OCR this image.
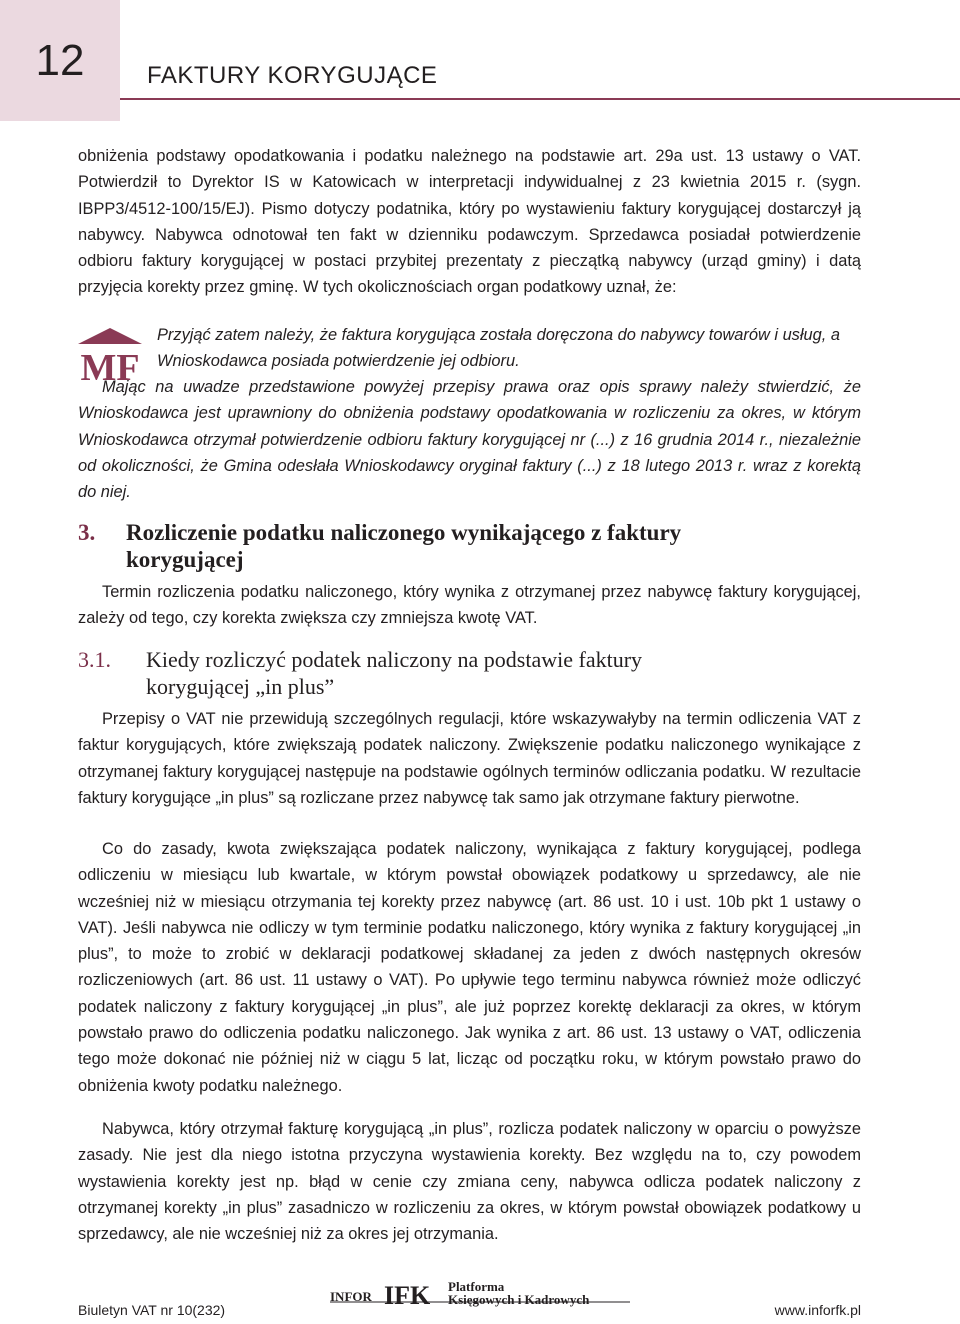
12	FAKTURY KORYGUJĄCE

obniżenia podstawy opodatkowania i podatku należnego na podstawie art. 29a ust. 13 ustawy o VAT. Potwierdził to Dyrektor IS w Katowicach w interpretacji indywidualnej z 23 kwietnia 2015 r. (sygn. IBPP3/4512-100/15/EJ). Pismo dotyczy podatnika, który po wystawieniu faktury korygującej dostarczył ją nabywcy. Nabywca odnotował ten fakt w dzienniku podawczym. Sprzedawca posiadał potwierdzenie odbioru faktury korygującej w postaci przybitej prezentaty z pieczątką nabywcy (urząd gminy) i datą przyjęcia korekty przez gminę. W tych okolicznościach organ podatkowy uznał, że:

MF

Przyjąć zatem należy, że faktura korygująca została doręczona do nabywcy towarów i usług, a Wnioskodawca posiada potwierdzenie jej odbioru.

Mając na uwadze przedstawione powyżej przepisy prawa oraz opis sprawy należy stwierdzić, że Wnioskodawca jest uprawniony do obniżenia podstawy opodatkowania w rozliczeniu za okres, w którym Wnioskodawca otrzymał potwierdzenie odbioru faktury korygującej nr (...) z 16 grudnia 2014 r., niezależnie od okoliczności, że Gmina odesłała Wnioskodawcy oryginał faktury (...) z 18 lutego 2013 r. wraz z korektą do niej.

3. Rozliczenie podatku naliczonego wynikającego z faktury
korygującej

Termin rozliczenia podatku naliczonego, który wynika z otrzymanej przez nabywcę faktury korygującej, zależy od tego, czy korekta zwiększa czy zmniejsza kwotę VAT.

3.1. Kiedy rozliczyć podatek naliczony na podstawie faktury
korygującej „in plus”

Przepisy o VAT nie przewidują szczególnych regulacji, które wskazywałyby na termin odliczenia VAT z faktur korygujących, które zwiększają podatek naliczony. Zwiększenie podatku naliczonego wynikające z otrzymanej faktury korygującej następuje na podstawie ogólnych terminów odliczania podatku. W rezultacie faktury korygujące „in plus” są rozliczane przez nabywcę tak samo jak otrzymane faktury pierwotne.

Co do zasady, kwota zwiększająca podatek naliczony, wynikająca z faktury korygującej, podlega odliczeniu w miesiącu lub kwartale, w którym powstał obowiązek podatkowy u sprzedawcy, ale nie wcześniej niż w miesiącu otrzymania tej korekty przez nabywcę (art. 86 ust. 10 i ust. 10b pkt 1 ustawy o VAT). Jeśli nabywca nie odliczy w tym terminie podatku naliczonego, który wynika z faktury korygującej „in plus”, to może to zrobić w deklaracji podatkowej składanej za jeden z dwóch następnych okresów rozliczeniowych (art. 86 ust. 11 ustawy o VAT). Po upływie tego terminu nabywca również może odliczyć podatek naliczony z faktury korygującej „in plus”, ale już poprzez korektę deklaracji za okres, w którym powstało prawo do odliczenia podatku naliczonego. Jak wynika z art. 86 ust. 13 ustawy o VAT, odliczenia tego może dokonać nie później niż w ciągu 5 lat, licząc od początku roku, w którym powstało prawo do obniżenia kwoty podatku należnego.

Nabywca, który otrzymał fakturę korygującą „in plus”, rozlicza podatek naliczony w oparciu o powyższe zasady. Nie jest dla niego istotna przyczyna wystawienia korekty. Bez względu na to, czy powodem wystawienia korekty jest np. błąd w cenie czy zmiana ceny, nabywca odlicza podatek naliczony z otrzymanej korekty „in plus” zasadniczo w rozliczeniu za okres, w którym powstał obowiązek podatkowy u sprzedawcy, ale nie wcześniej niż za okres jej otrzymania.

INFOR IFK Platforma
Księgowych i Kadrowych
Biuletyn VAT nr 10(232)	www.inforfk.pl
